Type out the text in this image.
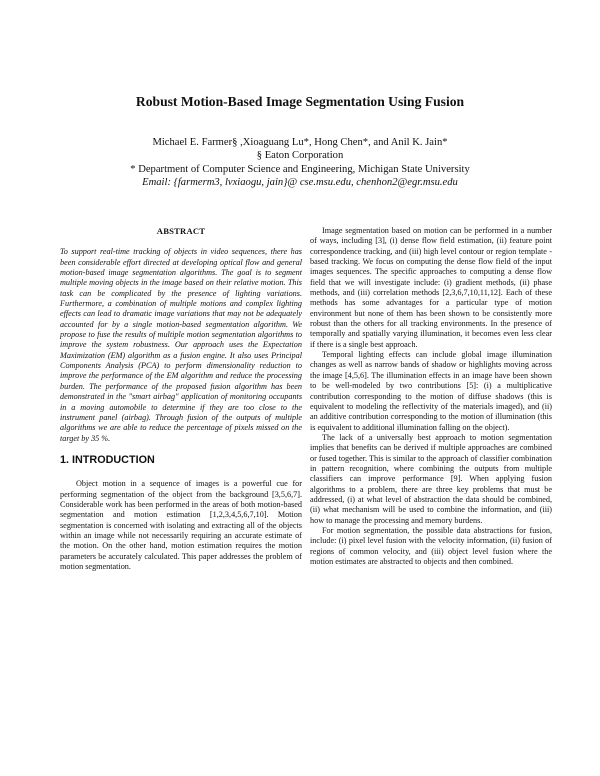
Robust Motion-Based Image Segmentation Using Fusion
Michael E. Farmer§ ,Xioaguang Lu*, Hong Chen*, and Anil K. Jain*
§ Eaton Corporation
* Department of Computer Science and Engineering, Michigan State University
Email: {farmerm3, lvxiaogu, jain}@ cse.msu.edu, chenhon2@egr.msu.edu
ABSTRACT

To support real-time tracking of objects in video sequences, there has been considerable effort directed at developing optical flow and general motion-based image segmentation algorithms. The goal is to segment multiple moving objects in the image based on their relative motion. This task can be complicated by the presence of lighting variations. Furthermore, a combination of multiple motions and complex lighting effects can lead to dramatic image variations that may not be adequately accounted for by a single motion-based segmentation algorithm. We propose to fuse the results of multiple motion segmentation algorithms to improve the system robustness. Our approach uses the Expectation Maximization (EM) algorithm as a fusion engine. It also uses Principal Components Analysis (PCA) to perform dimensionality reduction to improve the performance of the EM algorithm and reduce the processing burden. The performance of the proposed fusion algorithm has been demonstrated in the "smart airbag" application of monitoring occupants in a moving automobile to determine if they are too close to the instrument panel (airbag). Through fusion of the outputs of multiple algorithms we are able to reduce the percentage of pixels missed on the target by 35 %.

1. INTRODUCTION

Object motion in a sequence of images is a powerful cue for performing segmentation of the object from the background [3,5,6,7]. Considerable work has been performed in the areas of both motion-based segmentation and motion estimation [1,2,3,4,5,6,7,10]. Motion segmentation is concerned with isolating and extracting all of the objects within an image while not necessarily requiring an accurate estimate of the motion. On the other hand, motion estimation requires the motion parameters be accurately calculated. This paper addresses the problem of motion segmentation.

Image segmentation based on motion can be performed in a number of ways, including [3], (i) dense flow field estimation, (ii) feature point correspondence tracking, and (iii) high level contour or region template -based tracking. We focus on computing the dense flow field of the input images sequences. The specific approaches to computing a dense flow field that we will investigate include: (i) gradient methods, (ii) phase methods, and (iii) correlation methods [2,3,6,7,10,11,12]. Each of these methods has some advantages for a particular type of motion environment but none of them has been shown to be consistently more robust than the others for all tracking environments. In the presence of temporally and spatially varying illumination, it becomes even less clear if there is a single best approach.

Temporal lighting effects can include global image illumination changes as well as narrow bands of shadow or highlights moving across the image [4,5,6]. The illumination effects in an image have been shown to be well-modeled by two contributions [5]: (i) a multiplicative contribution corresponding to the motion of diffuse shadows (this is equivalent to modeling the reflectivity of the materials imaged), and (ii) an additive contribution corresponding to the motion of illumination (this is equivalent to additional illumination falling on the object).

The lack of a universally best approach to motion segmentation implies that benefits can be derived if multiple approaches are combined or fused together. This is similar to the approach of classifier combination in pattern recognition, where combining the outputs from multiple classifiers can improve performance [9]. When applying fusion algorithms to a problem, there are three key problems that must be addressed, (i) at what level of abstraction the data should be combined, (ii) what mechanism will be used to combine the information, and (iii) how to manage the processing and memory burdens.

For motion segmentation, the possible data abstractions for fusion, include: (i) pixel level fusion with the velocity information, (ii) fusion of regions of common velocity, and (iii) object level fusion where the motion estimates are abstracted to objects and then combined.
